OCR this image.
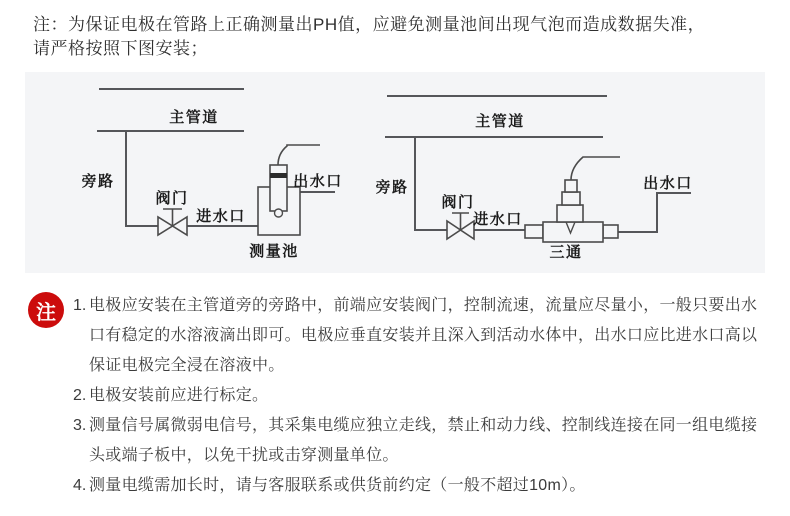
注：为保证电极在管路上正确测量出PH值，应避免测量池间出现气泡而造成数据失准，
请严格按照下图安装；
主管道
旁路
阀门
进水口
出水口
测量池
主管道
旁路
阀门
进水口
出水口
三通
注 1. 电极应安装在主管道旁的旁路中，前端应安装阀门，控制流速，流量应尽量小，一般只要出水口有稳定的水溶液滴出即可。电极应垂直安装并且深入到活动水体中，出水口应比进水口高以保证电极完全浸在溶液中。
2. 电极安装前应进行标定。
3. 测量信号属微弱电信号，其采集电缆应独立走线，禁止和动力线、控制线连接在同一组电缆接头或端子板中，以免干扰或击穿测量单位。
4. 测量电缆需加长时，请与客服联系或供货前约定（一般不超过10m）。
